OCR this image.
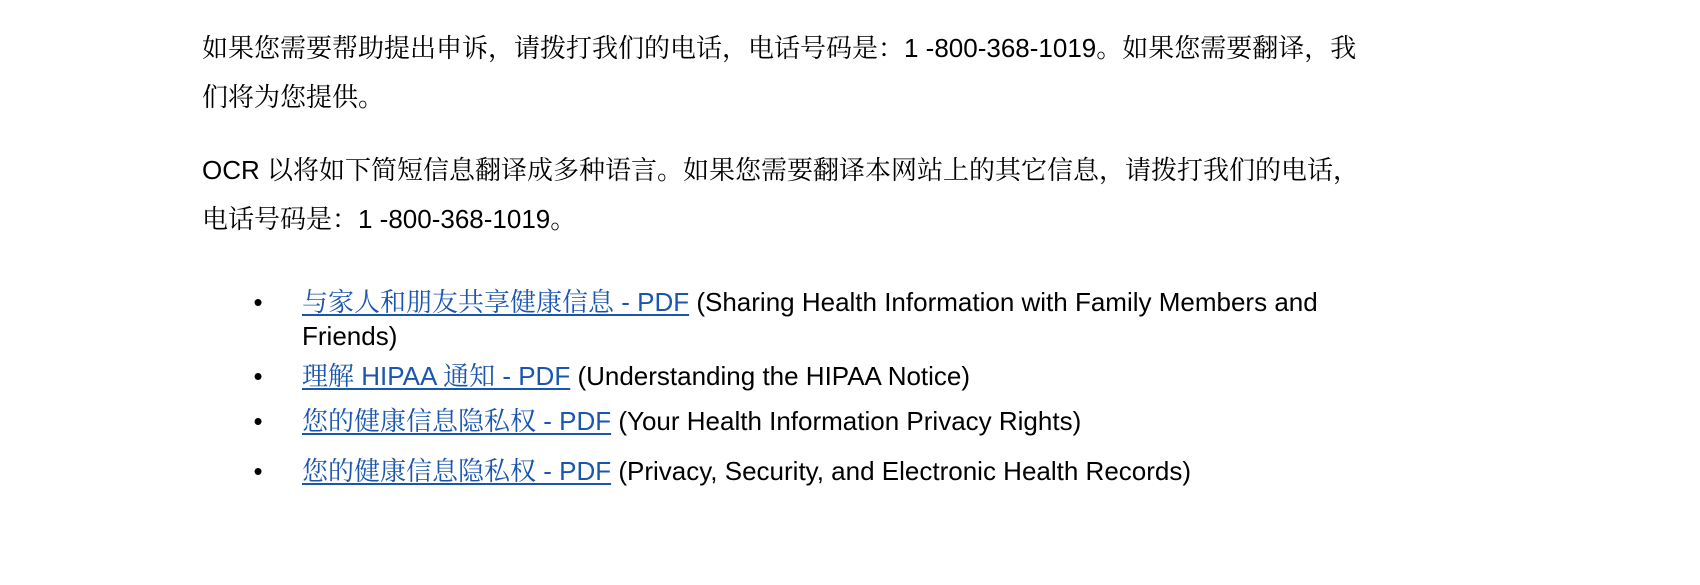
如果您需要帮助提出申诉，请拨打我们的电话，电话号码是：1 -800-368-1019。如果您需要翻译，我
们将为您提供。

OCR 以将如下简短信息翻译成多种语言。如果您需要翻译本网站上的其它信息，请拨打我们的电话，
电话号码是：1 -800-368-1019。

• 与家人和朋友共享健康信息 - PDF (Sharing Health Information with Family Members and
Friends)
• 理解 HIPAA 通知 - PDF (Understanding the HIPAA Notice)
• 您的健康信息隐私权 - PDF (Your Health Information Privacy Rights)
• 您的健康信息隐私权 - PDF (Privacy, Security, and Electronic Health Records)
